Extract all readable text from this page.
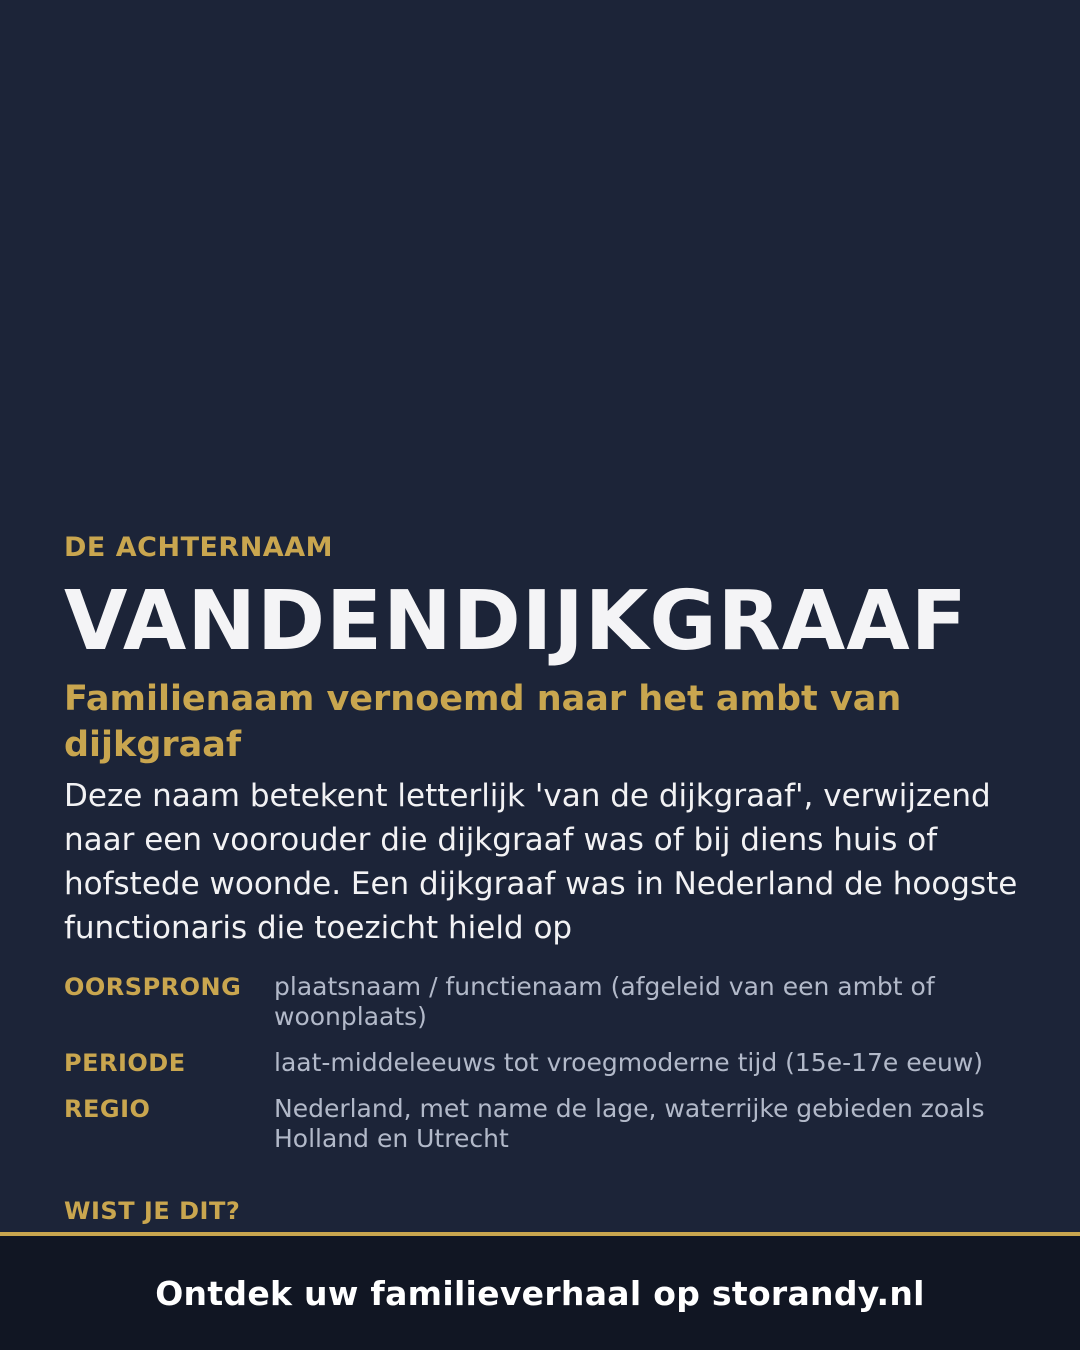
DE ACHTERNAAM
VANDENDIJKGRAAF
Familienaam vernoemd naar het ambt van dijkgraaf
Deze naam betekent letterlijk 'van de dijkgraaf', verwijzend naar een voorouder die dijkgraaf was of bij diens huis of hofstede woonde. Een dijkgraaf was in Nederland de hoogste functionaris die toezicht hield op
OORSPRONG	plaatsnaam / functienaam (afgeleid van een ambt of woonplaats)
PERIODE	laat-middeleeuws tot vroegmoderne tijd (15e-17e eeuw)
REGIO	Nederland, met name de lage, waterrijke gebieden zoals Holland en Utrecht
WIST JE DIT?
Ontdek uw familieverhaal op storandy.nl
